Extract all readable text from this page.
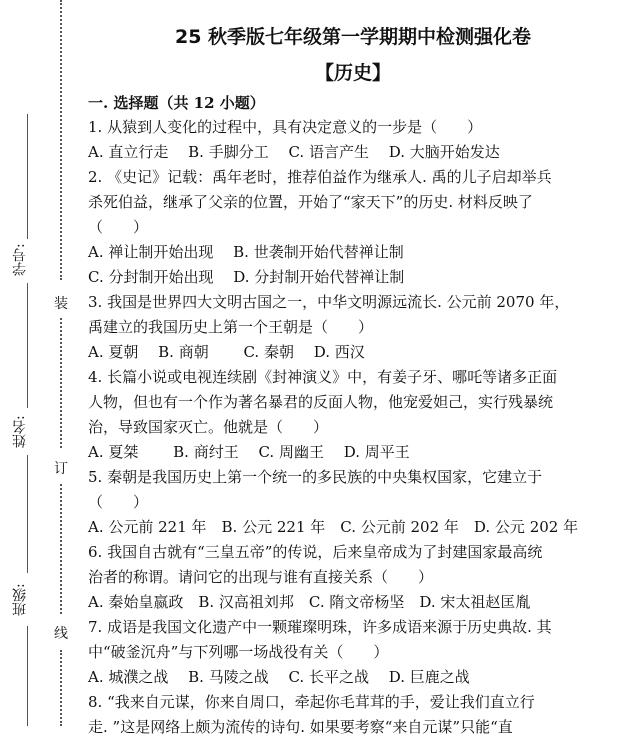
学号:
姓名:
班级:
装
订
线
25 秋季版七年级第一学期期中检测强化卷
【历史】
一. 选择题（共 12 小题）
1. 从猿到人变化的过程中，具有决定意义的一步是（　　）
A. 直立行走　 B. 手脚分工　 C. 语言产生　 D. 大脑开始发达
2. 《史记》记载：禹年老时，推荐伯益作为继承人. 禹的儿子启却举兵
杀死伯益，继承了父亲的位置，开始了“家天下”的历史. 材料反映了
（　　）
A. 禅让制开始出现　 B. 世袭制开始代替禅让制
C. 分封制开始出现　 D. 分封制开始代替禅让制
3. 我国是世界四大文明古国之一，中华文明源远流长. 公元前 2070 年，
禹建立的我国历史上第一个王朝是（　　）
A. 夏朝　 B. 商朝　　 C. 秦朝　 D. 西汉
4. 长篇小说或电视连续剧《封神演义》中，有姜子牙、哪吒等诸多正面
人物，但也有一个作为著名暴君的反面人物，他宠爱妲己，实行残暴统
治，导致国家灭亡。他就是（　　）
A. 夏桀　　 B. 商纣王　 C. 周幽王　 D. 周平王
5. 秦朝是我国历史上第一个统一的多民族的中央集权国家，它建立于
（　　）
A. 公元前 221 年　B. 公元 221 年　C. 公元前 202 年　D. 公元 202 年
6. 我国自古就有“三皇五帝”的传说，后来皇帝成为了封建国家最高统
治者的称谓。请问它的出现与谁有直接关系（　　）
A. 秦始皇嬴政　B. 汉高祖刘邦　C. 隋文帝杨坚　D. 宋太祖赵匡胤
7. 成语是我国文化遗产中一颗璀璨明珠，许多成语来源于历史典故. 其
中“破釜沉舟”与下列哪一场战役有关（　　）
A. 城濮之战　 B. 马陵之战　 C. 长平之战　 D. 巨鹿之战
8. “我来自元谋，你来自周口，牵起你毛茸茸的手，爱让我们直立行
走. ”这是网络上颇为流传的诗句. 如果要考察“来自元谋”只能“直
